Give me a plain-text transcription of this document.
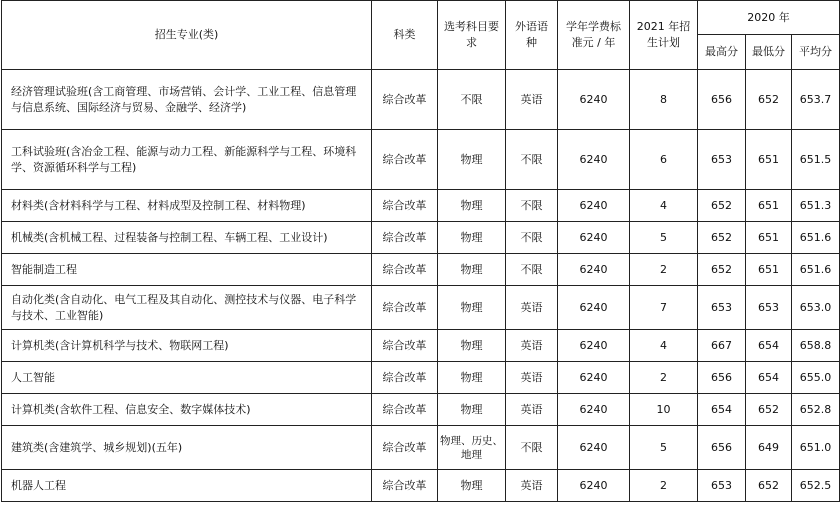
招生专业(类)	科类	选考科目要求	外语语种	学年学费标准元 / 年	2021 年招生计划	2020 年		
						最高分	最低分	平均分
经济管理试验班(含工商管理、市场营销、会计学、工业工程、信息管理与信息系统、国际经济与贸易、金融学、经济学)	综合改革	不限	英语	6240	8	656	652	653.7
工科试验班(含冶金工程、能源与动力工程、新能源科学与工程、环境科学、资源循环科学与工程)	综合改革	物理	不限	6240	6	653	651	651.5
材料类(含材料科学与工程、材料成型及控制工程、材料物理)	综合改革	物理	不限	6240	4	652	651	651.3
机械类(含机械工程、过程装备与控制工程、车辆工程、工业设计)	综合改革	物理	不限	6240	5	652	651	651.6
智能制造工程	综合改革	物理	不限	6240	2	652	651	651.6
自动化类(含自动化、电气工程及其自动化、测控技术与仪器、电子科学与技术、工业智能)	综合改革	物理	英语	6240	7	653	653	653.0
计算机类(含计算机科学与技术、物联网工程)	综合改革	物理	英语	6240	4	667	654	658.8
人工智能	综合改革	物理	英语	6240	2	656	654	655.0
计算机类(含软件工程、信息安全、数字媒体技术)	综合改革	物理	英语	6240	10	654	652	652.8
建筑类(含建筑学、城乡规划)(五年)	综合改革	物理、历史、地理	不限	6240	5	656	649	651.0
机器人工程	综合改革	物理	英语	6240	2	653	652	652.5
